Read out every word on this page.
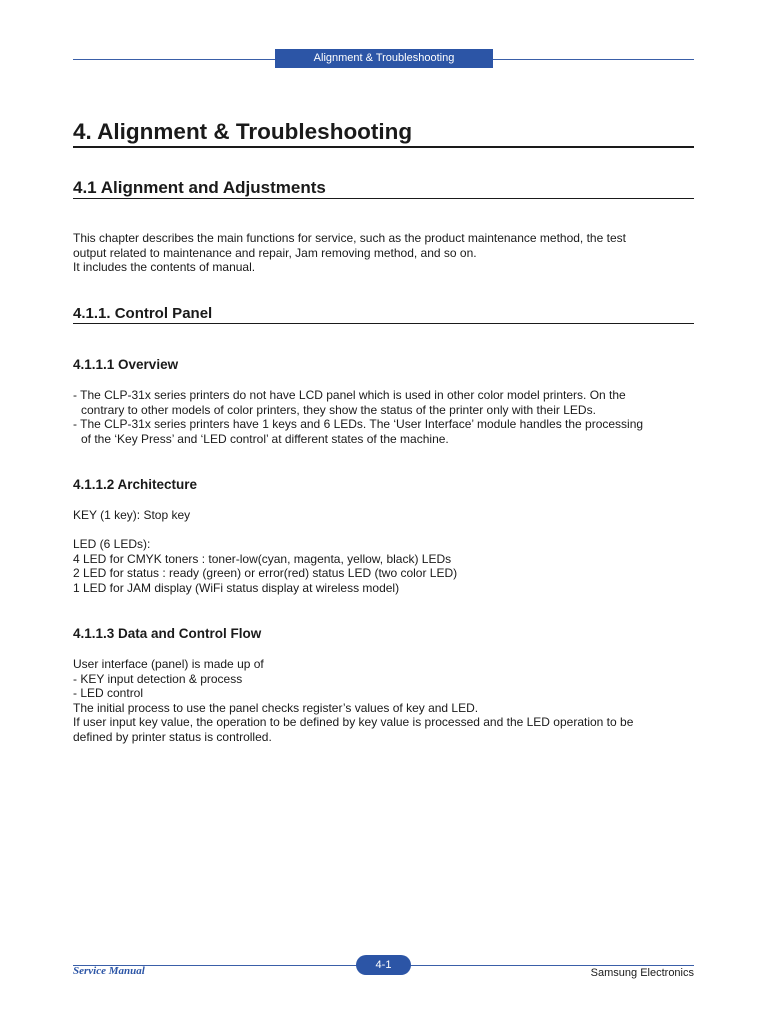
Alignment & Troubleshooting
4. Alignment & Troubleshooting
4.1 Alignment and Adjustments
This chapter describes the main functions for service, such as the product maintenance method, the test
output related to maintenance and repair, Jam removing method, and so on.
It includes the contents of manual.
4.1.1. Control Panel
4.1.1.1 Overview
- The CLP-31x series printers do not have LCD panel which is used in other color model printers. On the
contrary to other models of color printers, they show the status of the printer only with their LEDs.
- The CLP-31x series printers have 1 keys and 6 LEDs. The ‘User Interface’ module handles the processing
of the ‘Key Press’ and ‘LED control’ at different states of the machine.
4.1.1.2 Architecture
KEY (1 key): Stop key
LED (6 LEDs):
4 LED for CMYK toners : toner-low(cyan, magenta, yellow, black) LEDs
2 LED for status : ready (green) or error(red) status LED (two color LED)
1 LED for JAM display (WiFi status display at wireless model)
4.1.1.3 Data and Control Flow
User interface (panel) is made up of
- KEY input detection & process
- LED control
The initial process to use the panel checks register’s values of key and LED.
If user input key value, the operation to be defined by key value is processed and the LED operation to be
defined by printer status is controlled.
Service Manual	4-1
Samsung Electronics
